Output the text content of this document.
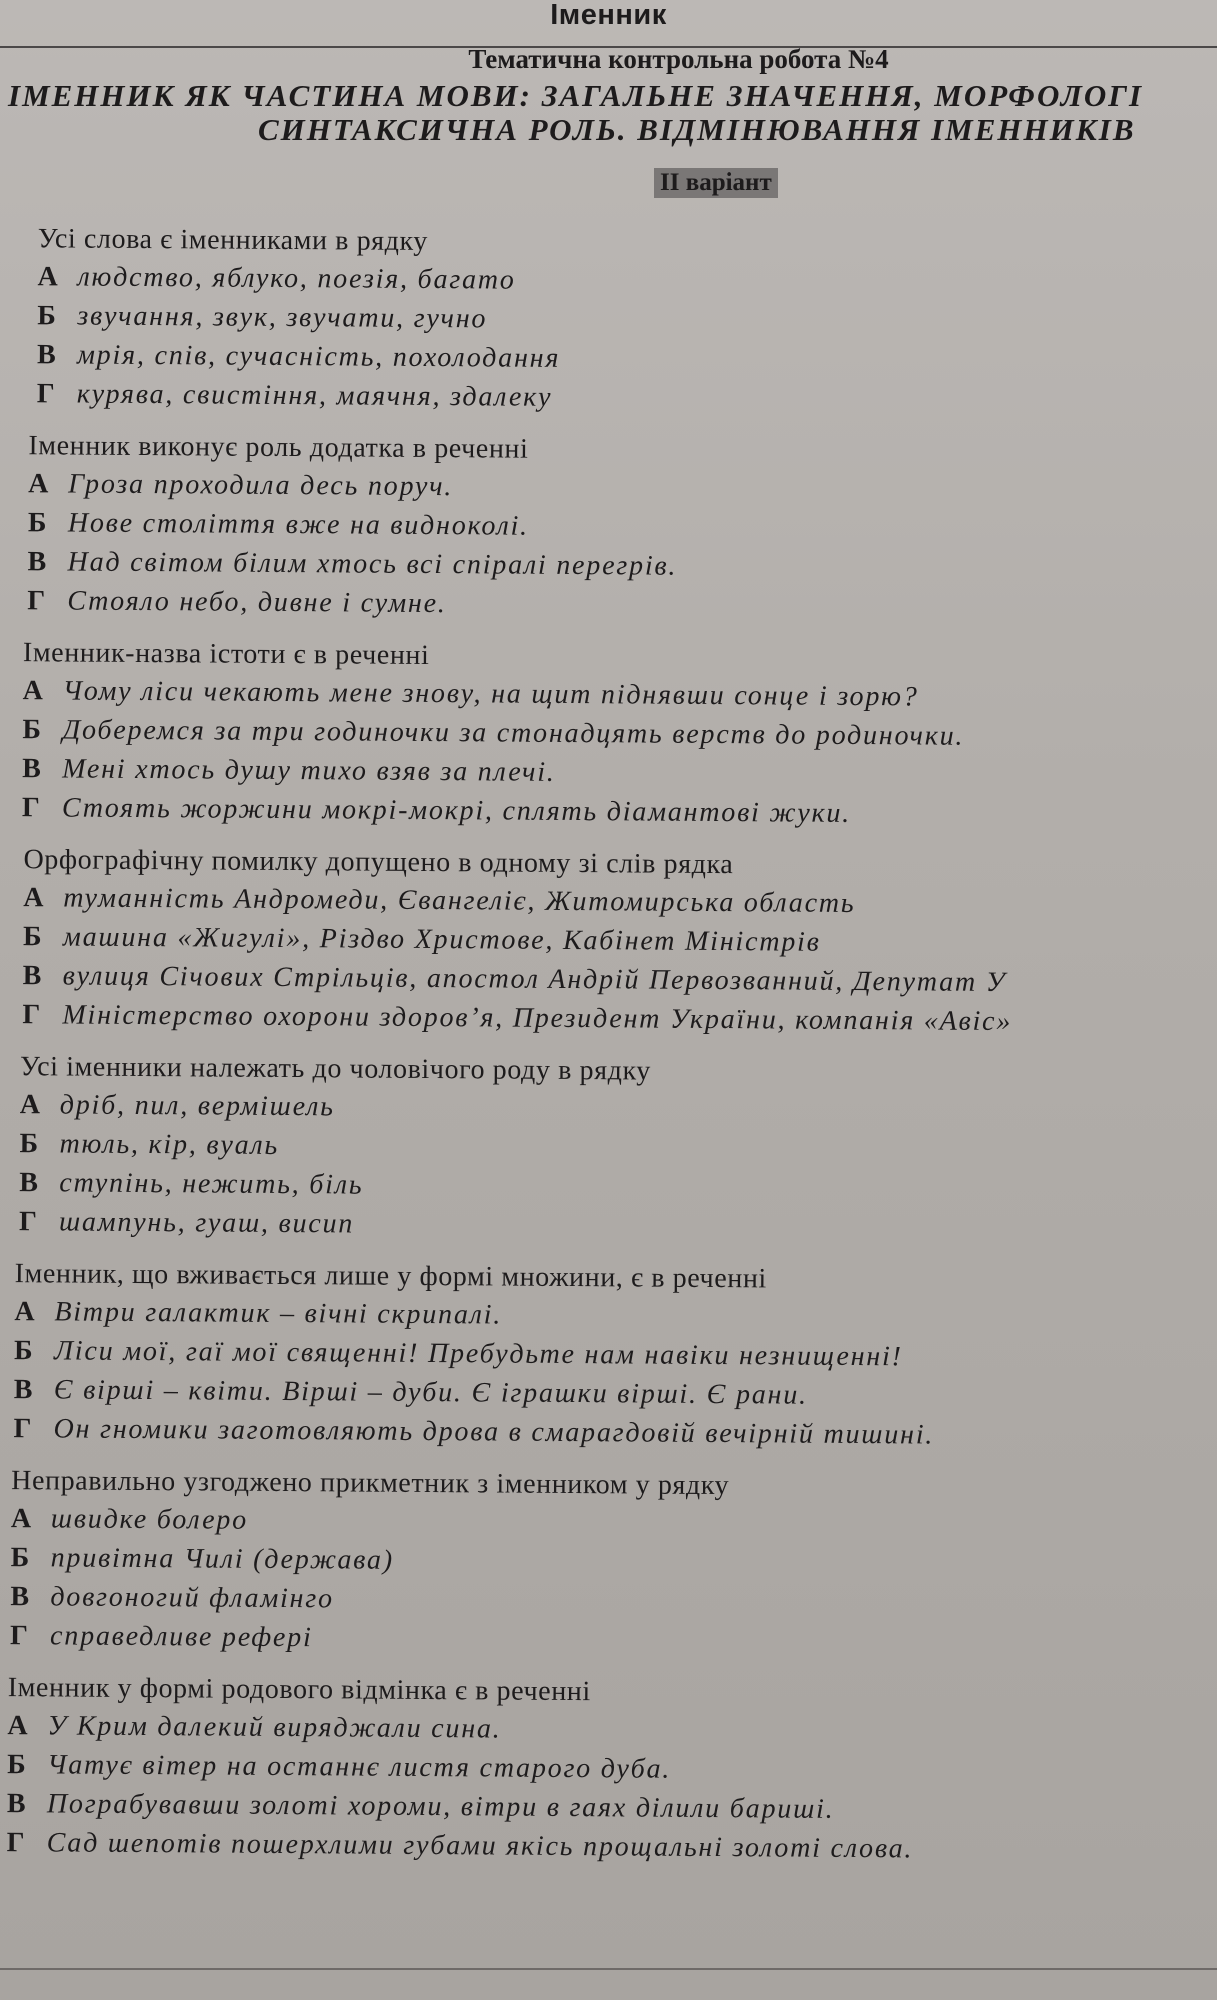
Іменник
Тематична контрольна робота №4
ІМЕННИК ЯК ЧАСТИНА МОВИ: ЗАГАЛЬНЕ ЗНАЧЕННЯ, МОРФОЛОГІ
СИНТАКСИЧНА РОЛЬ. ВІДМІНЮВАННЯ ІМЕННИКІВ
ІІ варіант
Усі слова є іменниками в рядку
А людство, яблуко, поезія, багато
Б звучання, звук, звучати, гучно
В мрія, спів, сучасність, похолодання
Г курява, свистіння, маячня, здалеку
Іменник виконує роль додатка в реченні
А Гроза проходила десь поруч.
Б Нове століття вже на видноколі.
В Над світом білим хтось всі спіралі перегрів.
Г Стояло небо, дивне і сумне.
Іменник-назва істоти є в реченні
А Чому ліси чекають мене знову, на щит піднявши сонце і зорю?
Б Доберемся за три годиночки за стонадцять верств до родиночки.
В Мені хтось душу тихо взяв за плечі.
Г Стоять жоржини мокрі-мокрі, сплять діамантові жуки.
Орфографічну помилку допущено в одному зі слів рядка
А туманність Андромеди, Євангеліє, Житомирська область
Б машина «Жигулі», Різдво Христове, Кабінет Міністрів
В вулиця Січових Стрільців, апостол Андрій Первозванний, Депутат У
Г Міністерство охорони здоров’я, Президент України, компанія «Авіс»
Усі іменники належать до чоловічого роду в рядку
А дріб, пил, вермішель
Б тюль, кір, вуаль
В ступінь, нежить, біль
Г шампунь, гуаш, висип
Іменник, що вживається лише у формі множини, є в реченні
А Вітри галактик – вічні скрипалі.
Б Ліси мої, гаї мої священні! Пребудьте нам навіки незнищенні!
В Є вірші – квіти. Вірші – дуби. Є іграшки вірші. Є рани.
Г Он гномики заготовляють дрова в смарагдовій вечірній тишині.
Неправильно узгоджено прикметник з іменником у рядку
А швидке болеро
Б привітна Чилі (держава)
В довгоногий фламінго
Г справедливе рефері
Іменник у формі родового відмінка є в реченні
А У Крим далекий виряджали сина.
Б Чатує вітер на останнє листя старого дуба.
В Пограбувавши золоті хороми, вітри в гаях ділили бариші.
Г Сад шепотів пошерхлими губами якісь прощальні золоті слова.
